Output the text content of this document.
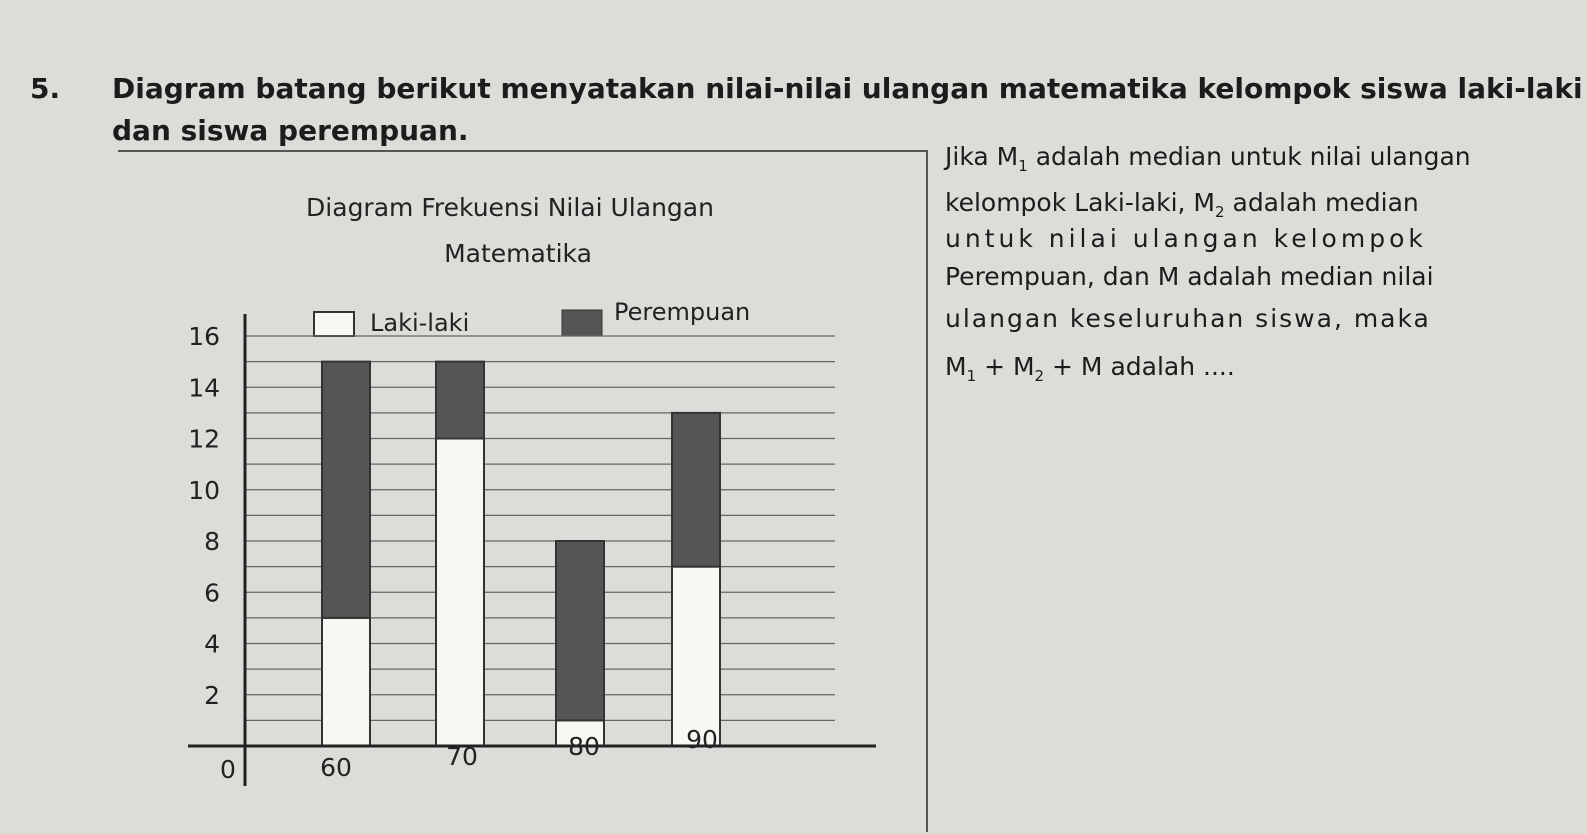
5. Diagram batang berikut menyatakan nilai-nilai ulangan matematika kelompok siswa laki-laki
dan siswa perempuan.
Diagram Frekuensi Nilai Ulangan
Matematika
Laki-laki	Perempuan
2
4
6
8
10
12
14
16
0	60	70	80	90
Jika $M_1$ adalah median untuk nilai ulangan
kelompok Laki-laki, $M_2$ adalah median
untuk nilai ulangan kelompok
Perempuan, dan M adalah median nilai
ulangan keseluruhan siswa, maka
$M_1 + M_2 + M$ adalah ....
